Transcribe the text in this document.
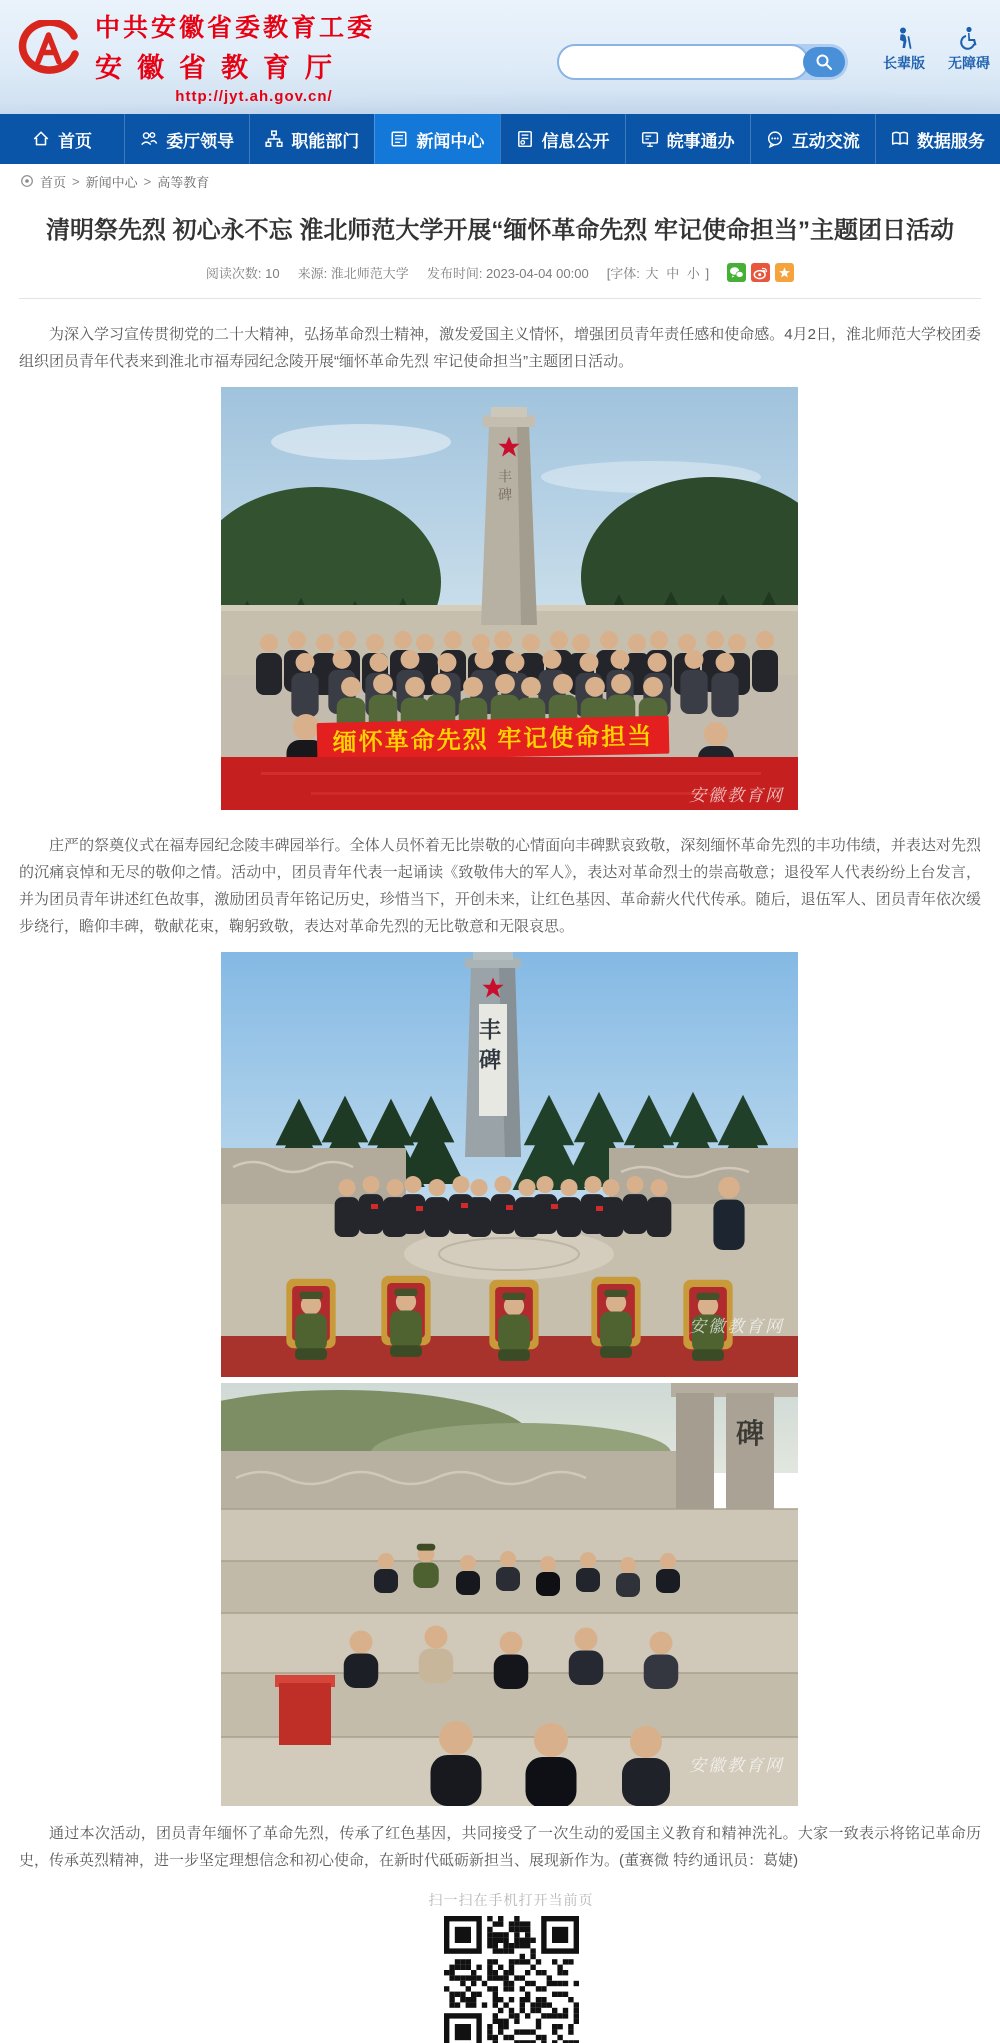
中共安徽省委教育工委
安徽省教育厅
http://jyt.ah.gov.cn/
长辈版	无障碍
首页	委厅领导	职能部门	新闻中心	信息公开	皖事通办	互动交流	数据服务
首页 > 新闻中心 > 高等教育
清明祭先烈 初心永不忘 淮北师范大学开展“缅怀革命先烈 牢记使命担当”主题团日活动
阅读次数: 10 来源: 淮北师范大学 发布时间: 2023-04-04 00:00 [字体: 大 中 小 ]

为深入学习宣传贯彻党的二十大精神，弘扬革命烈士精神，激发爱国主义情怀，增强团员青年责任感和使命感。4月2日，淮北师范大学校团委组织团员青年代表来到淮北市福寿园纪念陵开展“缅怀革命先烈 牢记使命担当”主题团日活动。

丰碑
缅怀革命先烈 牢记使命担当
安徽教育网

庄严的祭奠仪式在福寿园纪念陵丰碑园举行。全体人员怀着无比崇敬的心情面向丰碑默哀致敬，深刻缅怀革命先烈的丰功伟绩，并表达对先烈的沉痛哀悼和无尽的敬仰之情。活动中，团员青年代表一起诵读《致敬伟大的军人》，表达对革命烈士的崇高敬意；退役军人代表纷纷上台发言，并为团员青年讲述红色故事，激励团员青年铭记历史，珍惜当下，开创未来，让红色基因、革命薪火代代传承。随后，退伍军人、团员青年依次缓步绕行，瞻仰丰碑，敬献花束，鞠躬致敬，表达对革命先烈的无比敬意和无限哀思。

丰碑
安徽教育网
碑
安徽教育网

通过本次活动，团员青年缅怀了革命先烈，传承了红色基因，共同接受了一次生动的爱国主义教育和精神洗礼。大家一致表示将铭记革命历史，传承英烈精神，进一步坚定理想信念和初心使命，在新时代砥砺新担当、展现新作为。(董赛微 特约通讯员：葛婕)

扫一扫在手机打开当前页
